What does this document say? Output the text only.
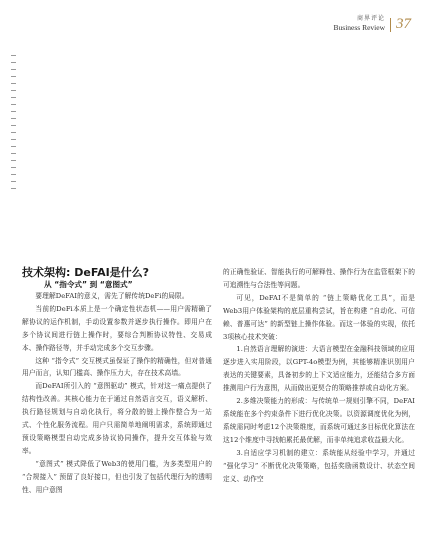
商界评论
Business Review 37
技术架构: DeFAI是什么?
从 “指令式” 到 “意图式”

要理解DeFAI的意义，需先了解传统DeFi的局限。

当前的DeFi本质上是一个确定性状态机——用户需精确了解协议的运作机制，手动设置参数并逐步执行操作。即用户在多个协议间进行链上操作时，要综合判断协议特性、交易成本、操作路径等，并手动完成多个交互步骤。

这种 “指令式” 交互模式虽保证了操作的精确性，但对普通用户而言，认知门槛高、操作压力大，存在技术高墙。

而DeFAI所引入的 “意图驱动” 模式，针对这一痛点提供了结构性改善。其核心能力在于通过自然语言交互，语义解析、执行路径规划与自动化执行，将分散的链上操作整合为一站式、个性化服务流程。用户只需简单地阐明需求，系统即通过预设策略模型自动完成多协议协同操作，提升交互体验与效率。

“意图式” 模式降低了Web3的使用门槛，为多类型用户的 “合规接入” 预留了良好接口，但也引发了包括代理行为的透明性、用户意图

的正确性验证、智能执行的可解释性、操作行为在监管框架下的可追溯性与合法性等问题。

可见，DeFAI不是简单的 “链上策略优化工具”，而是Web3用户体验架构的底层重构尝试，旨在构建 “自动化、可信赖、普惠可达” 的新型链上操作体验。而这一体验的实现，依托3项核心技术突破：

1.自然语言理解的演进：大语言模型在金融科技领域的应用逐步进入实用阶段，以GPT-4o模型为例，其能够精准识别用户表达的关键要素，具备初步的上下文适应能力，还能结合多方面推测用户行为意图，从而做出更契合的策略推荐或自动化方案。

2.多维决策能力的形成：与传统单一规则引擎不同，DeFAI系统能在多个约束条件下进行优化决策。以资源调度优化为例，系统需同时考虑12个决策维度，而系统可通过多目标优化算法在这12个维度中寻找帕累托最优解，而非单纯追求收益最大化。

3.自适应学习机制的建立：系统能从经验中学习，并通过 “强化学习” 不断优化决策策略，包括奖励函数设计、状态空间定义、动作空
